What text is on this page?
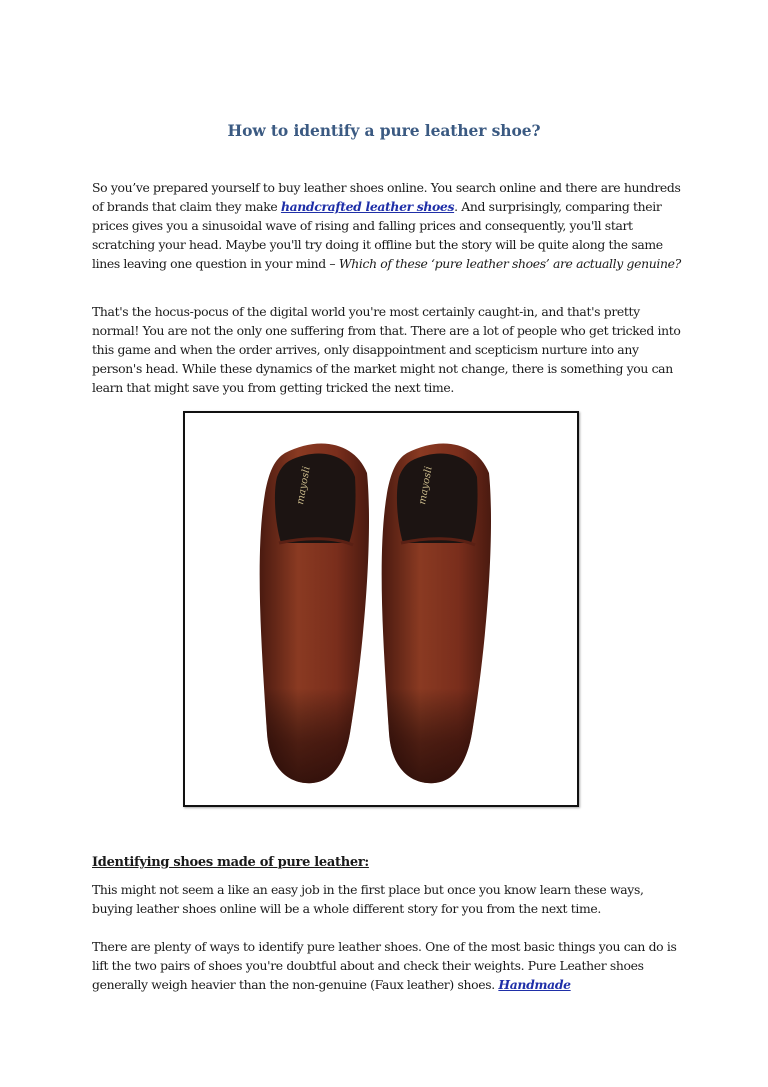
How to identify a pure leather shoe?

So you’ve prepared yourself to buy leather shoes online. You search online and there are hundreds of brands that claim they make handcrafted leather shoes. And surprisingly, comparing their prices gives you a sinusoidal wave of rising and falling prices and consequently, you'll start scratching your head. Maybe you'll try doing it offline but the story will be quite along the same lines leaving one question in your mind – Which of these ‘pure leather shoes’ are actually genuine?

That's the hocus-pocus of the digital world you're most certainly caught-in, and that's pretty normal! You are not the only one suffering from that. There are a lot of people who get tricked into this game and when the order arrives, only disappointment and scepticism nurture into any person's head. While these dynamics of the market might not change, there is something you can learn that might save you from getting tricked the next time.

mayosli	mayosli
Identifying shoes made of pure leather:

This might not seem a like an easy job in the first place but once you know learn these ways, buying leather shoes online will be a whole different story for you from the next time.

There are plenty of ways to identify pure leather shoes. One of the most basic things you can do is lift the two pairs of shoes you're doubtful about and check their weights. Pure Leather shoes generally weigh heavier than the non-genuine (Faux leather) shoes. Handmade
